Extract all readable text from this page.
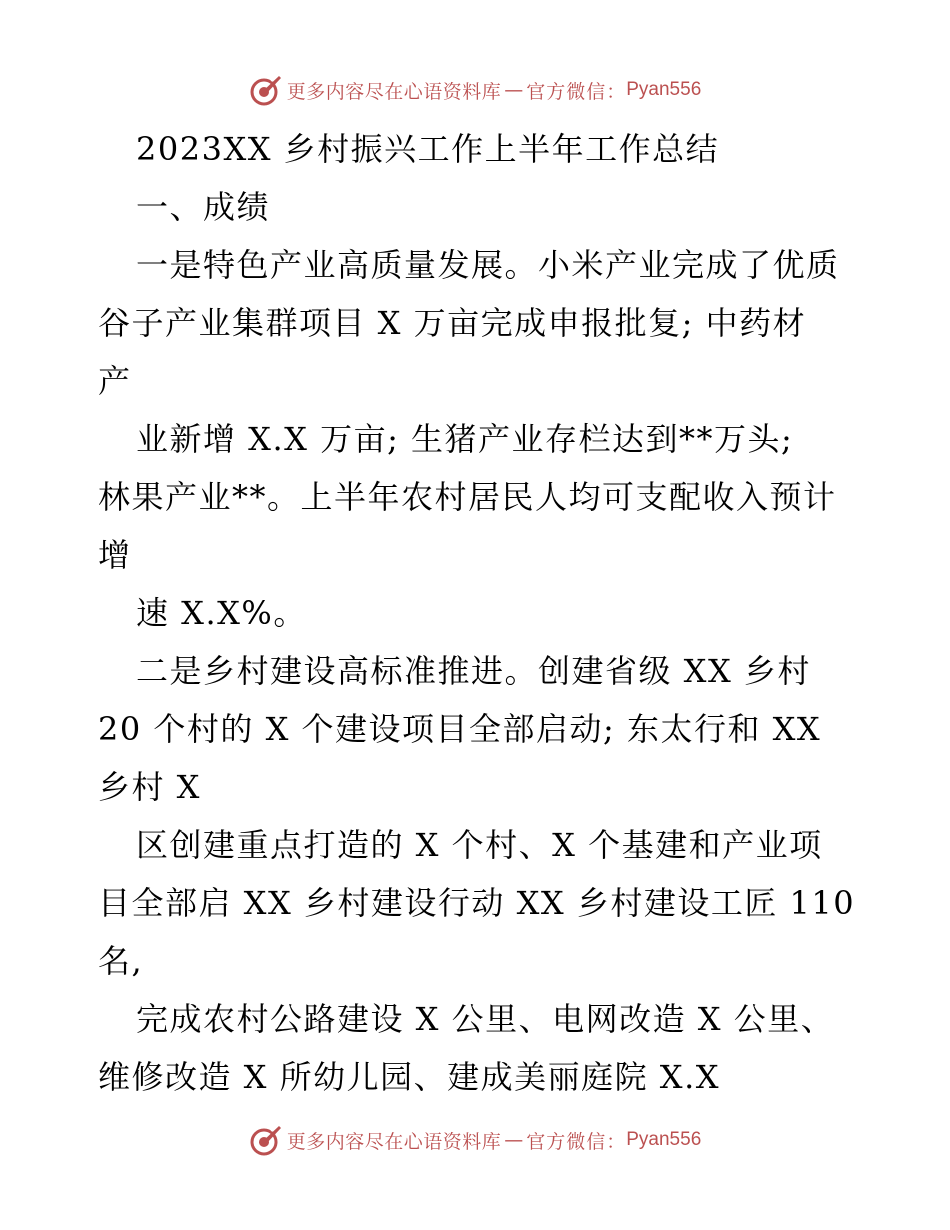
更多内容尽在心语资料库 — 官方微信： Pyan556
2023XX 乡村振兴工作上半年工作总结
一、成绩
一是特色产业高质量发展。小米产业完成了优质
谷子产业集群项目 X 万亩完成申报批复; 中药材
产
业新增 X.X 万亩; 生猪产业存栏达到**万头;
林果产业**。上半年农村居民人均可支配收入预计
增
速 X.X%。
二是乡村建设高标准推进。创建省级 XX 乡村
20 个村的 X 个建设项目全部启动; 东太行和 XX
乡村 X
区创建重点打造的 X 个村、X 个基建和产业项
目全部启 XX 乡村建设行动 XX 乡村建设工匠 110
名,
完成农村公路建设 X 公里、电网改造 X 公里、
维修改造 X 所幼儿园、建成美丽庭院 X.X
更多内容尽在心语资料库 — 官方微信： Pyan556
